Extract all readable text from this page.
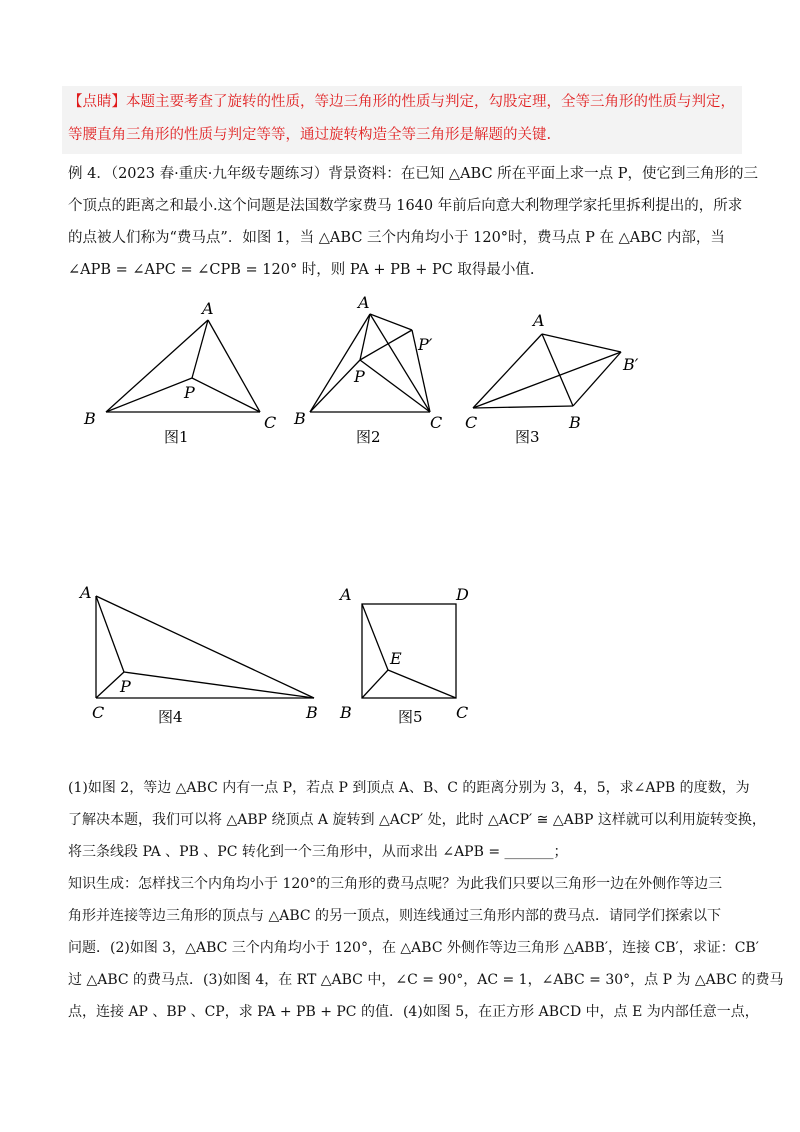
【点睛】本题主要考查了旋转的性质，等边三角形的性质与判定，勾股定理，全等三角形的性质与判定，

等腰直角三角形的性质与判定等等，通过旋转构造全等三角形是解题的关键.

例 4．（2023 春·重庆·九年级专题练习）背景资料：在已知 △ABC 所在平面上求一点 P，使它到三角形的三

个顶点的距离之和最小.这个问题是法国数学家费马 1640 年前后向意大利物理学家托里拆利提出的，所求

的点被人们称为“费马点”．如图 1，当 △ABC 三个内角均小于 120°时，费马点 P 在 △ABC 内部，当

∠APB = ∠APC = ∠CPB = 120° 时，则 PA + PB + PC 取得最小值.

A
B	C
P
图1
A
B	C
P
P′
图2
A
B′
C	B
图3
A
P
C	B
图4
A	D
E
B	C
图5

(1)如图 2，等边 △ABC 内有一点 P，若点 P 到顶点 A、B、C 的距离分别为 3，4，5，求∠APB 的度数，为

了解决本题，我们可以将 △ABP 绕顶点 A 旋转到 △ACP′ 处，此时 △ACP′ ≅ △ABP 这样就可以利用旋转变换，

将三条线段 PA 、PB 、PC 转化到一个三角形中，从而求出 ∠APB = _______；

知识生成：怎样找三个内角均小于 120°的三角形的费马点呢？为此我们只要以三角形一边在外侧作等边三

角形并连接等边三角形的顶点与 △ABC 的另一顶点，则连线通过三角形内部的费马点．请同学们探索以下

问题．(2)如图 3，△ABC 三个内角均小于 120°，在 △ABC 外侧作等边三角形 △ABB′，连接 CB′，求证：CB′

过 △ABC 的费马点．(3)如图 4，在 RT △ABC 中，∠C = 90°，AC = 1，∠ABC = 30°，点 P 为 △ABC 的费马

点，连接 AP 、BP 、CP，求 PA + PB + PC 的值．(4)如图 5，在正方形 ABCD 中，点 E 为内部任意一点，
